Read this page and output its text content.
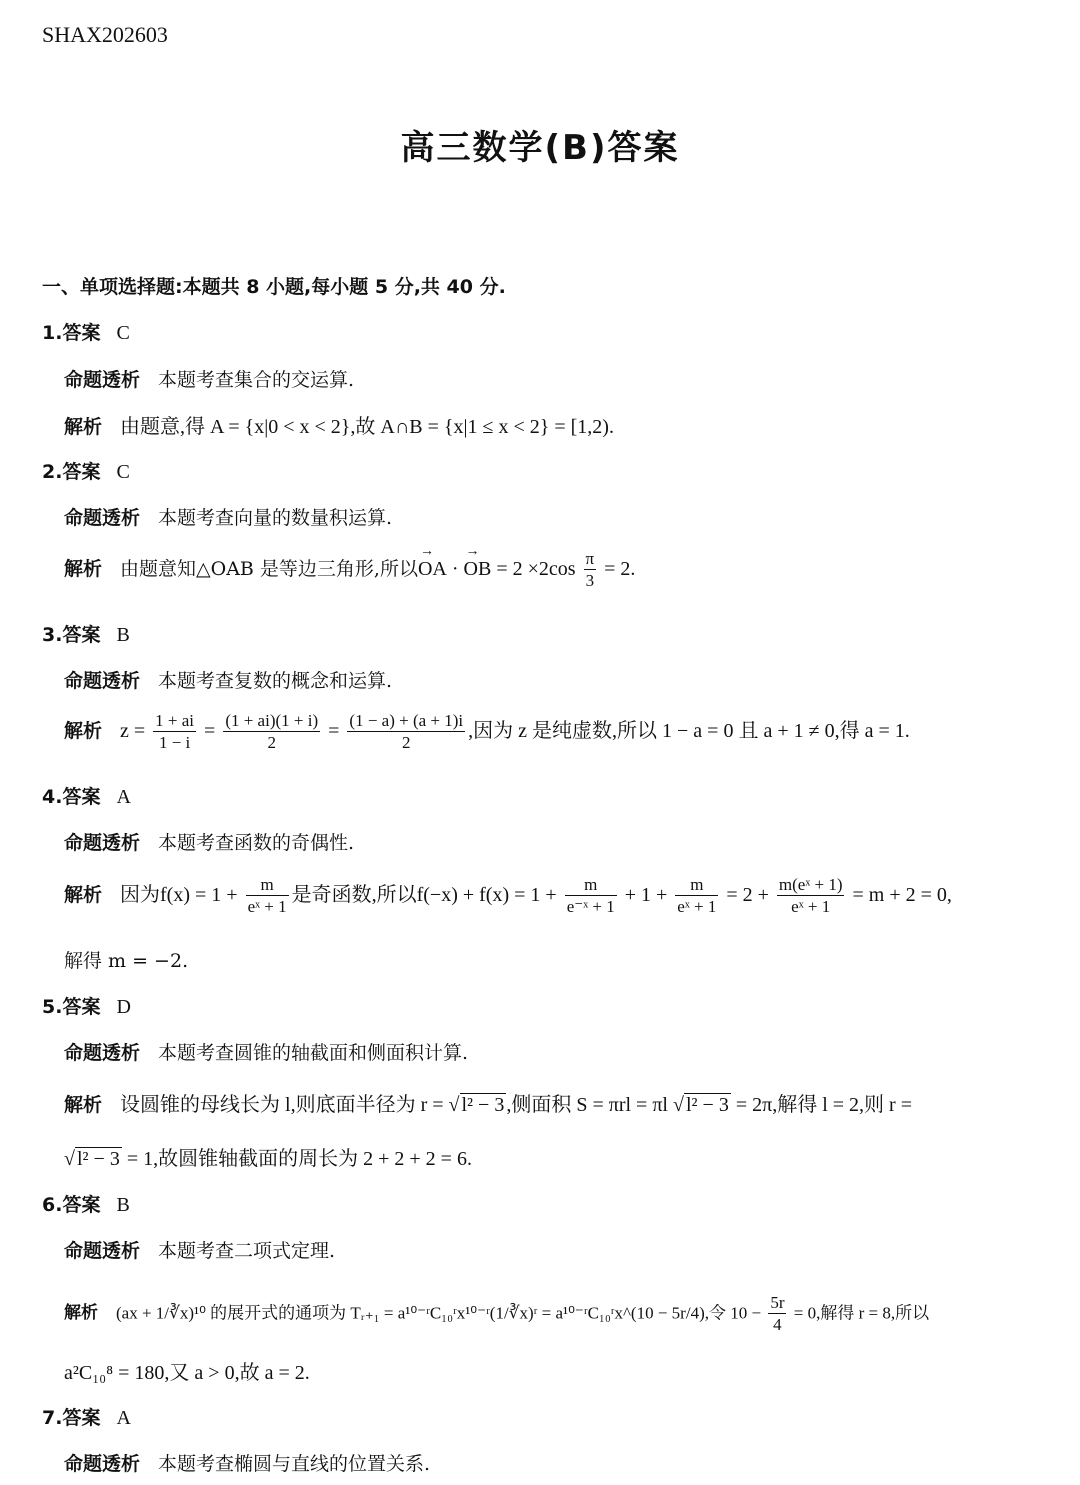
SHAX202603
高三数学(B)答案
一、单项选择题:本题共 8 小题,每小题 5 分,共 40 分.
1.答案 C
命题透析 本题考查集合的交运算.
解析 由题意,得 A = {x|0 < x < 2},故 A∩B = {x|1 ≤ x < 2} = [1,2).
2.答案 C
命题透析 本题考查向量的数量积运算.
解析 由题意知△OAB 是等边三角形,所以→ OA · → OB = $2 \times 2\cos \frac{\pi}{3} = 2$.
3.答案 B
命题透析 本题考查复数的概念和运算.
解析 $z = \frac{1 + ai}{1 - i} = \frac{(1 + ai)(1 + i)}{2} = \frac{(1 - a) + (a + 1)i}{2}$ ,因为 z 是纯虚数,所以 1 − a = 0 且 a + 1 ≠ 0,得 a = 1.
4.答案 A
命题透析 本题考查函数的奇偶性.
解析 因为$f(x) = 1 + \frac{m}{\text{eˣ + 1}}$ 是奇函数,所以$f(-x) + f(x) = 1 + \frac{m}{\text{e⁻ˣ + 1}} + 1 + \frac{m}{\text{eˣ + 1}} = 2 + \frac{\text{m(eˣ + 1)}}{\text{eˣ + 1}} = m + 2 = 0$,
解得 m = −2.
5.答案 D
命题透析 本题考查圆锥的轴截面和侧面积计算.
解析 设圆锥的母线长为 l,则底面半径为 r = √ l² − 3 ,侧面积 S = πrl = πl √ l² − 3 = 2π,解得 l = 2,则 r =
√ l² − 3 = 1,故圆锥轴截面的周长为 2 + 2 + 2 = 6.
6.答案 B
命题透析 本题考查二项式定理.
解析 (ax + 1/∛x)¹⁰ 的展开式的通项为 Tᵣ₊₁ = a¹⁰⁻ʳC₁₀ʳx¹⁰⁻ʳ(1/∛x)ʳ = a¹⁰⁻ʳC₁₀ʳx^(10 − 5r/4),令 $10 - \frac{5r}{4} = 0$,解得 r = 8,所以
a²C₁₀⁸ = 180,又 a > 0,故 a = 2.
7.答案 A
命题透析 本题考查椭圆与直线的位置关系.
